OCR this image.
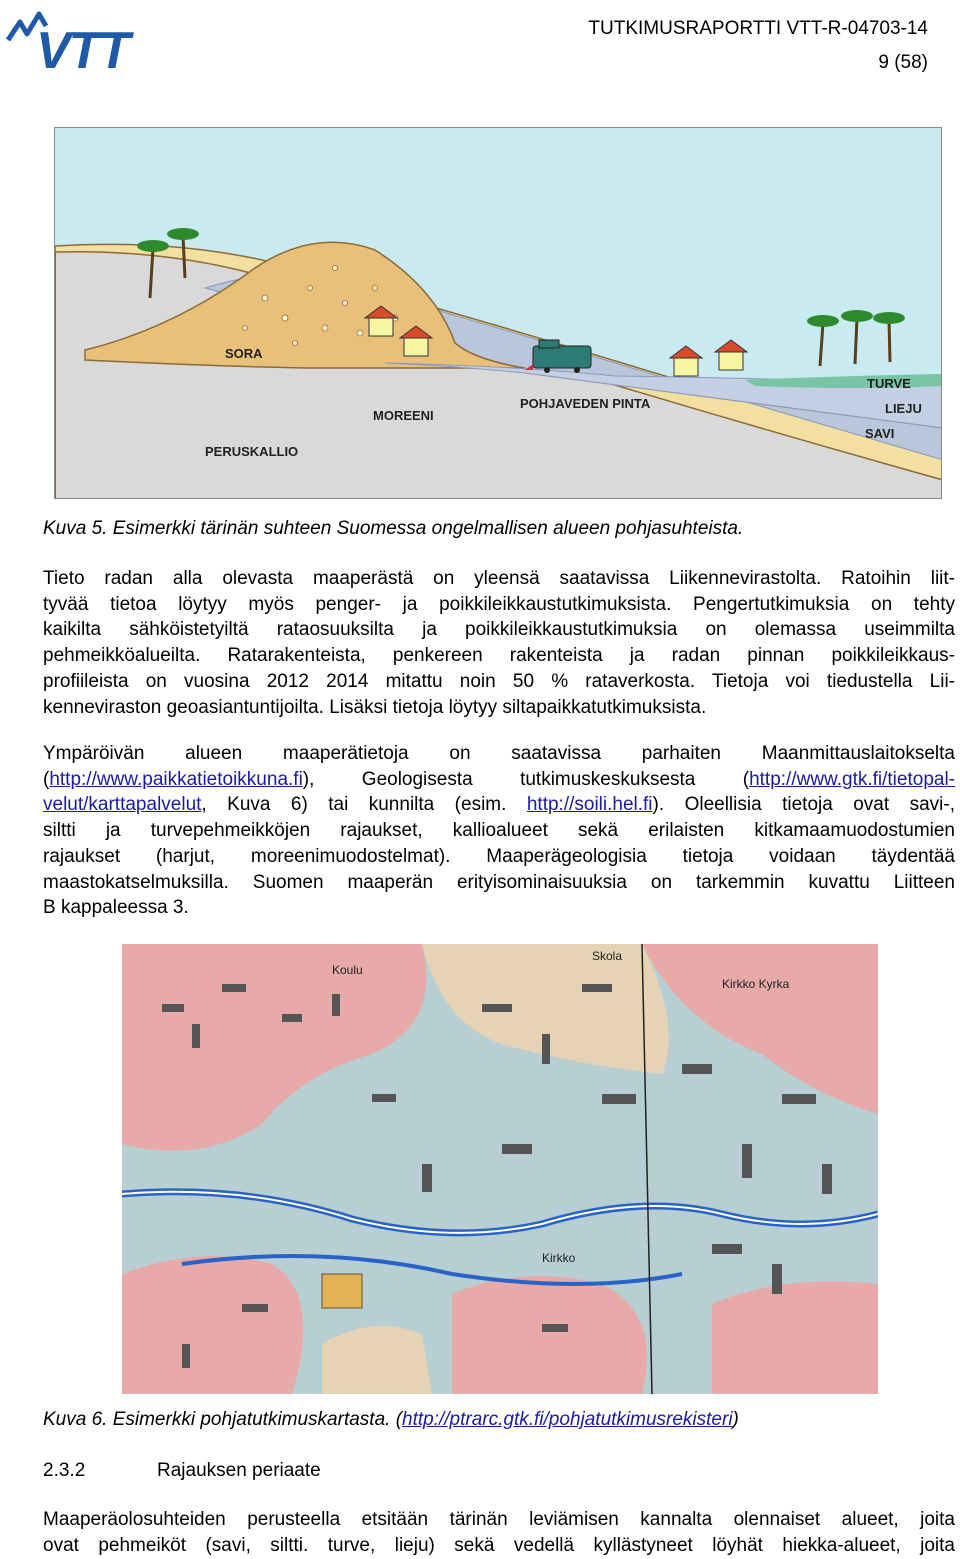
VTT	TUTKIMUSRAPORTTI VTT-R-04703-14
9 (58)
SORA
MOREENI
PERUSKALLIO
POHJAVEDEN PINTA
TURVE
LIEJU
SAVI
Kuva 5. Esimerkki tärinän suhteen Suomessa ongelmallisen alueen pohjasuhteista.
Tieto radan alla olevasta maaperästä on yleensä saatavissa Liikennevirastolta. Ratoihin liit-
tyvää tietoa löytyy myös penger- ja poikkileikkaustutkimuksista. Pengertutkimuksia on tehty
kaikilta sähköistetyiltä rataosuuksilta ja poikkileikkaustutkimuksia on olemassa useimmilta
pehmeikköalueilta. Ratarakenteista, penkereen rakenteista ja radan pinnan poikkileikkaus-
profiileista on vuosina 2012 2014 mitattu noin 50 % rataverkosta. Tietoja voi tiedustella Lii-
kenneviraston geoasiantuntijoilta. Lisäksi tietoja löytyy siltapaikkatutkimuksista.
Ympäröivän alueen maaperätietoja on saatavissa parhaiten Maanmittauslaitokselta
(http://www.paikkatietoikkuna.fi), Geologisesta tutkimuskeskuksesta (http://www.gtk.fi/tietopal-
velut/karttapalvelut, Kuva 6) tai kunnilta (esim. http://soili.hel.fi). Oleellisia tietoja ovat savi-,
siltti ja turvepehmeikköjen rajaukset, kallioalueet sekä erilaisten kitkamaamuodostumien
rajaukset (harjut, moreenimuodostelmat). Maaperägeologisia tietoja voidaan täydentää
maastokatselmuksilla. Suomen maaperän erityisominaisuuksia on tarkemmin kuvattu Liitteen
B kappaleessa 3.
Skola
Koulu
Kirkko Kyrka
Kirkko
Kuva 6. Esimerkki pohjatutkimuskartasta. (http://ptrarc.gtk.fi/pohjatutkimusrekisteri)
2.3.2	Rajauksen periaate
Maaperäolosuhteiden perusteella etsitään tärinän leviämisen kannalta olennaiset alueet, joita
ovat pehmeiköt (savi, siltti. turve, lieju) sekä vedellä kyllästyneet löyhät hiekka-alueet, joita
